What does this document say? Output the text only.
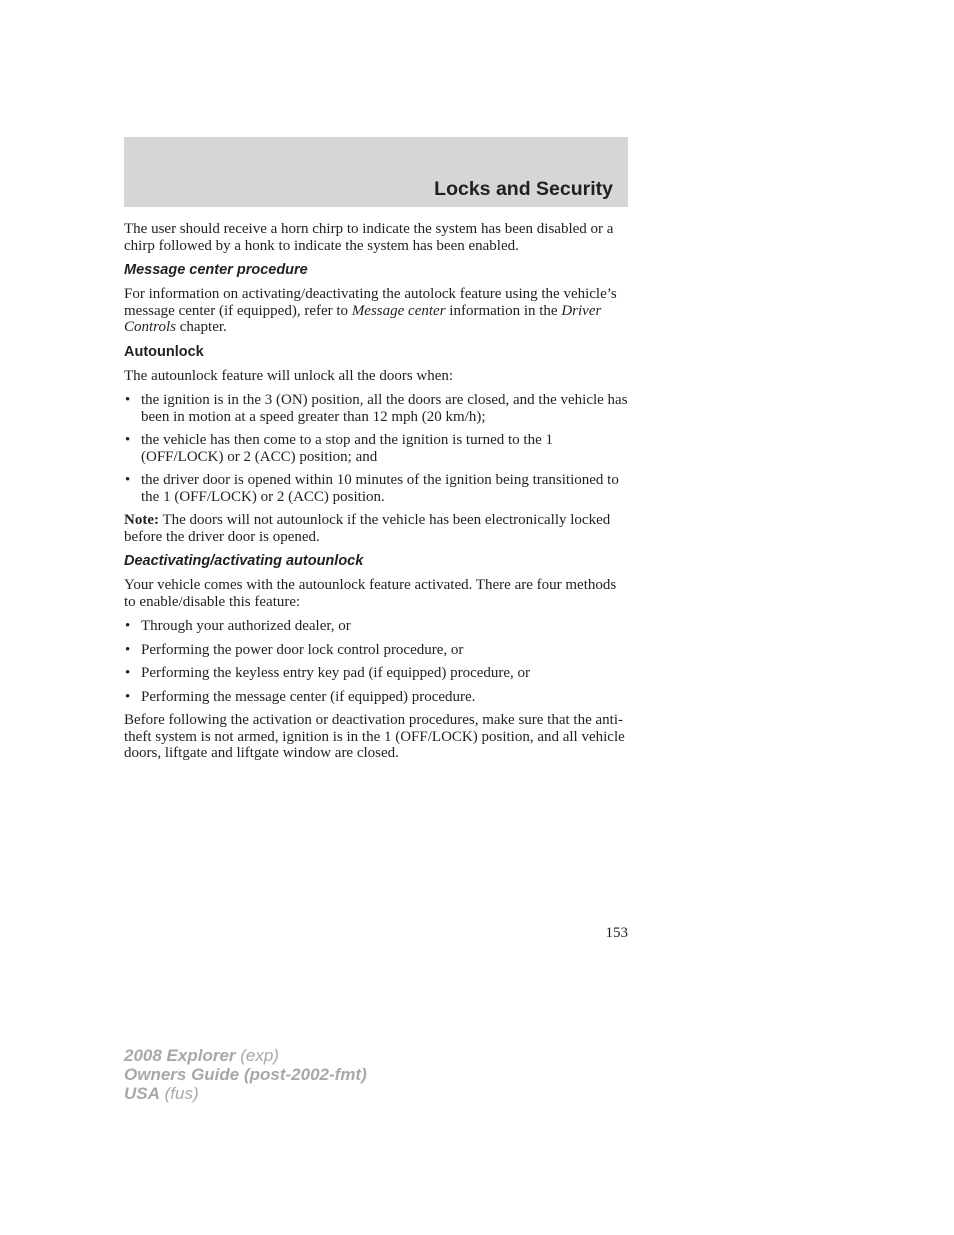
Locks and Security

The user should receive a horn chirp to indicate the system has been disabled or a chirp followed by a honk to indicate the system has been enabled.

Message center procedure

For information on activating/deactivating the autolock feature using the vehicle’s message center (if equipped), refer to Message center information in the Driver Controls chapter.

Autounlock

The autounlock feature will unlock all the doors when:

• the ignition is in the 3 (ON) position, all the doors are closed, and the vehicle has been in motion at a speed greater than 12 mph (20 km/h);
• the vehicle has then come to a stop and the ignition is turned to the 1 (OFF/LOCK) or 2 (ACC) position; and
• the driver door is opened within 10 minutes of the ignition being transitioned to the 1 (OFF/LOCK) or 2 (ACC) position.

Note: The doors will not autounlock if the vehicle has been electronically locked before the driver door is opened.

Deactivating/activating autounlock

Your vehicle comes with the autounlock feature activated. There are four methods to enable/disable this feature:

• Through your authorized dealer, or
• Performing the power door lock control procedure, or
• Performing the keyless entry key pad (if equipped) procedure, or
• Performing the message center (if equipped) procedure.

Before following the activation or deactivation procedures, make sure that the anti-theft system is not armed, ignition is in the 1 (OFF/LOCK) position, and all vehicle doors, liftgate and liftgate window are closed.

153
2008 Explorer (exp)
Owners Guide (post-2002-fmt)
USA (fus)
